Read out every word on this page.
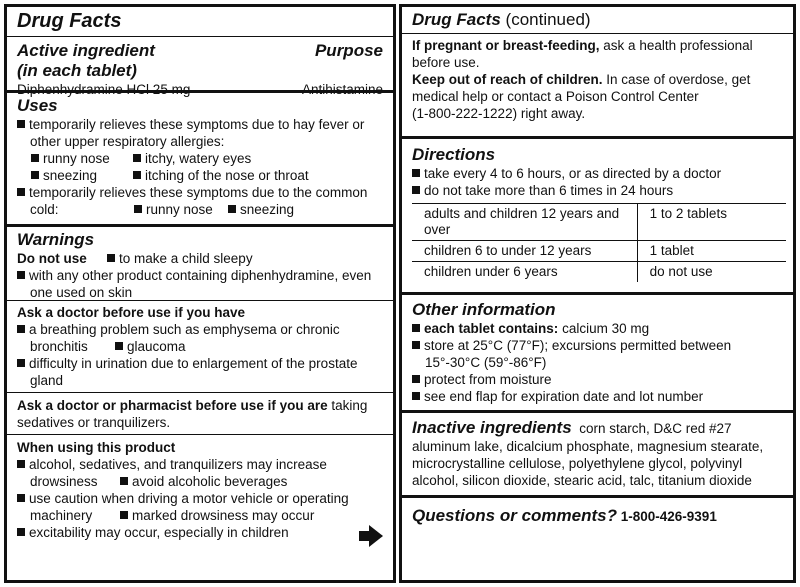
Drug Facts
Active ingredient	Purpose
(in each tablet)
Diphenhydramine HCl 25 mg	Antihistamine
Uses
temporarily relieves these symptoms due to hay fever or
other upper respiratory allergies:
runny nose	itchy, watery eyes
sneezing	itching of the nose or throat
temporarily relieves these symptoms due to the common
cold:	runny nose sneezing
Warnings
Do not use to make a child sleepy
with any other product containing diphenhydramine, even
one used on skin
Ask a doctor before use if you have
a breathing problem such as emphysema or chronic
bronchitis	glaucoma
difficulty in urination due to enlargement of the prostate
gland
Ask a doctor or pharmacist before use if you are taking
sedatives or tranquilizers.
When using this product
alcohol, sedatives, and tranquilizers may increase
drowsiness	avoid alcoholic beverages
use caution when driving a motor vehicle or operating
machinery	marked drowsiness may occur
excitability may occur, especially in children
Drug Facts (continued)
If pregnant or breast-feeding, ask a health professional
before use.
Keep out of reach of children. In case of overdose, get
medical help or contact a Poison Control Center
(1-800-222-1222) right away.
Directions
take every 4 to 6 hours, or as directed by a doctor
do not take more than 6 times in 24 hours
adults and children 12 years and over	1 to 2 tablets
children 6 to under 12 years	1 tablet
children under 6 years	do not use
Other information
each tablet contains: calcium 30 mg
store at 25°C (77°F); excursions permitted between
15°-30°C (59°-86°F)
protect from moisture
see end flap for expiration date and lot number
Inactive ingredients corn starch, D&C red #27
aluminum lake, dicalcium phosphate, magnesium stearate,
microcrystalline cellulose, polyethylene glycol, polyvinyl
alcohol, silicon dioxide, stearic acid, talc, titanium dioxide
Questions or comments? 1-800-426-9391
